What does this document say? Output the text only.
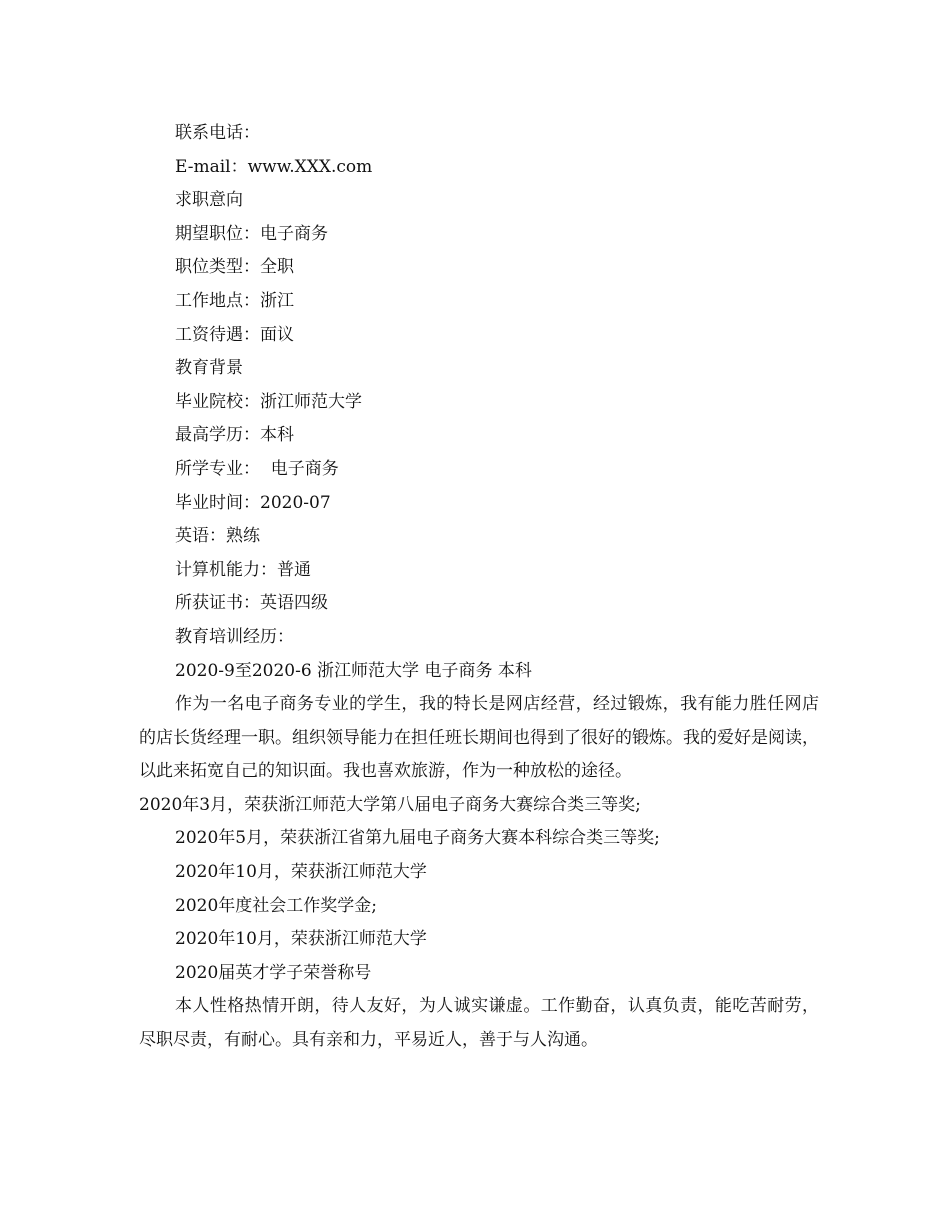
联系电话：

E-mail：www.XXX.com

求职意向

期望职位：电子商务

职位类型：全职

工作地点：浙江

工资待遇：面议

教育背景

毕业院校：浙江师范大学

最高学历：本科

所学专业：  电子商务

毕业时间：2020-07

英语：熟练

计算机能力：普通

所获证书：英语四级

教育培训经历：

2020-9至2020-6 浙江师范大学 电子商务 本科

作为一名电子商务专业的学生，我的特长是网店经营，经过锻炼，我有能力胜任网店的店长货经理一职。组织领导能力在担任班长期间也得到了很好的锻炼。我的爱好是阅读，以此来拓宽自己的知识面。我也喜欢旅游，作为一种放松的途径。

2020年3月，荣获浙江师范大学第八届电子商务大赛综合类三等奖;

2020年5月，荣获浙江省第九届电子商务大赛本科综合类三等奖;

2020年10月，荣获浙江师范大学

2020年度社会工作奖学金;

2020年10月，荣获浙江师范大学

2020届英才学子荣誉称号

本人性格热情开朗，待人友好，为人诚实谦虚。工作勤奋，认真负责，能吃苦耐劳，尽职尽责，有耐心。具有亲和力，平易近人，善于与人沟通。
